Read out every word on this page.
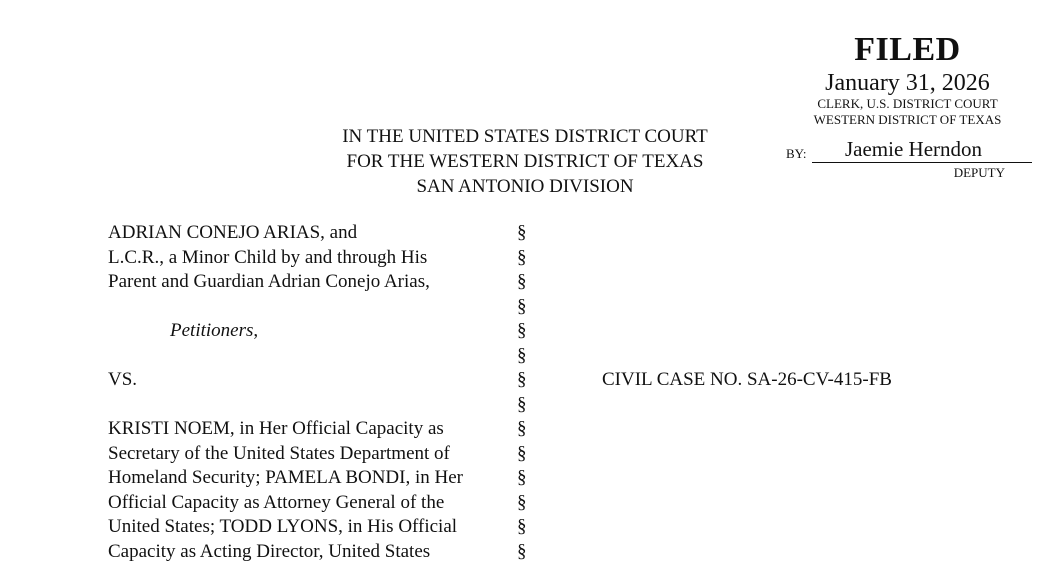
FILED
January 31, 2026
CLERK, U.S. DISTRICT COURT
WESTERN DISTRICT OF TEXAS
BY:	Jaemie Herndon
DEPUTY
IN THE UNITED STATES DISTRICT COURT
FOR THE WESTERN DISTRICT OF TEXAS
SAN ANTONIO DIVISION
ADRIAN CONEJO ARIAS, and
L.C.R., a Minor Child by and through His
Parent and Guardian Adrian Conejo Arias,
Petitioners,
VS.
KRISTI NOEM, in Her Official Capacity as
Secretary of the United States Department of
Homeland Security; PAMELA BONDI, in Her
Official Capacity as Attorney General of the
United States; TODD LYONS, in His Official
Capacity as Acting Director, United States
§
§
§
§
§
§
§
§
§
§
§
§
§
§
CIVIL CASE NO. SA-26-CV-415-FB
